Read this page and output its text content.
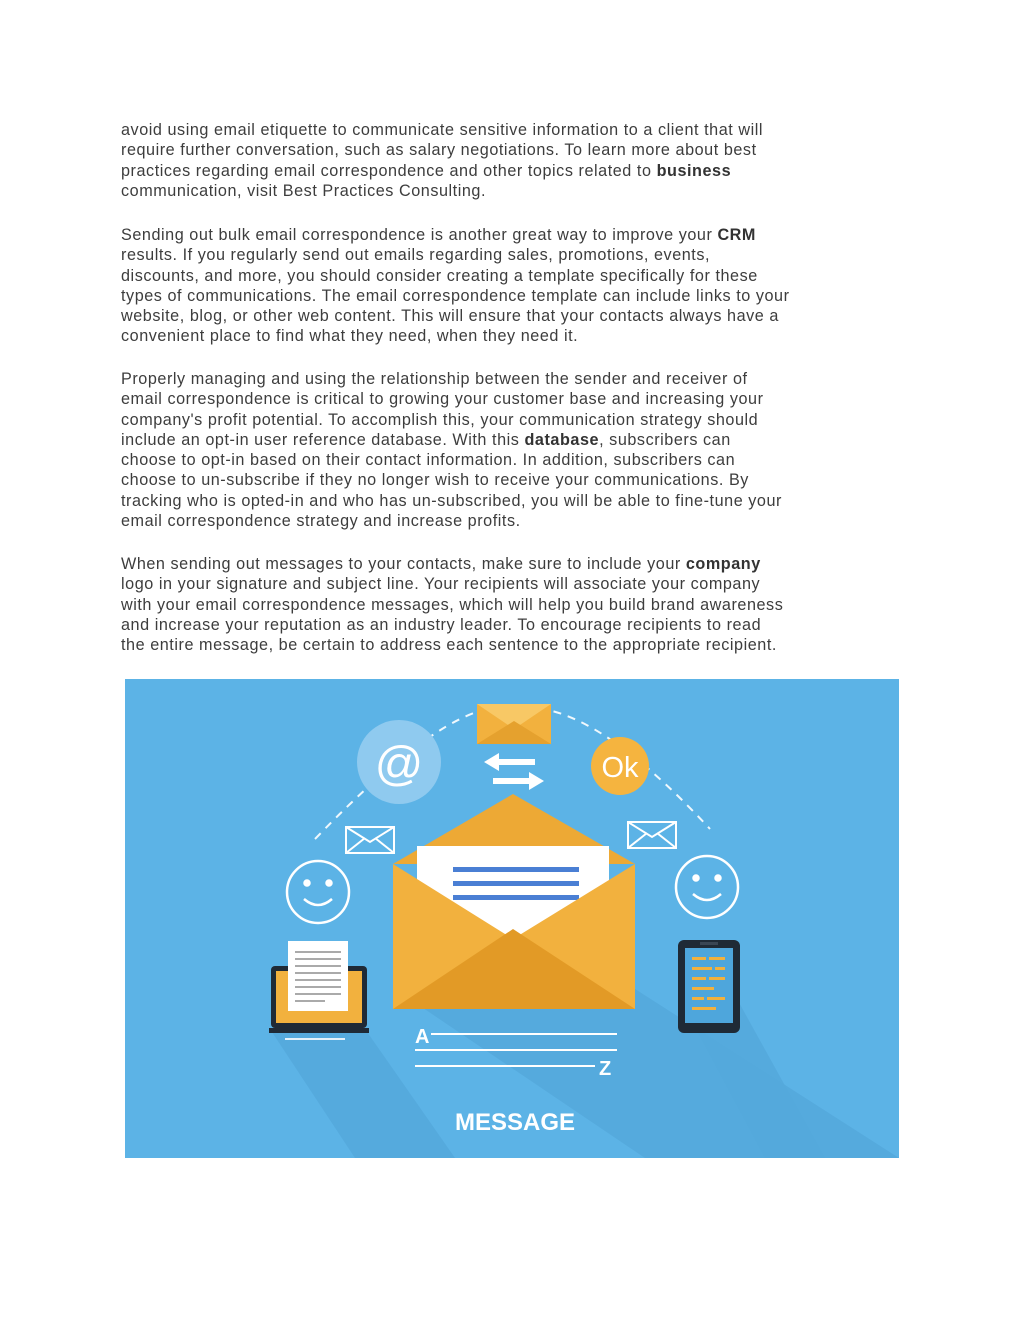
avoid using email etiquette to communicate sensitive information to a client that will

require further conversation, such as salary negotiations. To learn more about best

practices regarding email correspondence and other topics related to business

communication, visit Best Practices Consulting.

Sending out bulk email correspondence is another great way to improve your CRM

results. If you regularly send out emails regarding sales, promotions, events,

discounts, and more, you should consider creating a template specifically for these

types of communications. The email correspondence template can include links to your

website, blog, or other web content. This will ensure that your contacts always have a

convenient place to find what they need, when they need it.

Properly managing and using the relationship between the sender and receiver of

email correspondence is critical to growing your customer base and increasing your

company's profit potential. To accomplish this, your communication strategy should

include an opt-in user reference database. With this database, subscribers can

choose to opt-in based on their contact information. In addition, subscribers can

choose to un-subscribe if they no longer wish to receive your communications. By

tracking who is opted-in and who has un-subscribed, you will be able to fine-tune your

email correspondence strategy and increase profits.

When sending out messages to your contacts, make sure to include your company

logo in your signature and subject line. Your recipients will associate your company

with your email correspondence messages, which will help you build brand awareness

and increase your reputation as an industry leader. To encourage recipients to read

the entire message, be certain to address each sentence to the appropriate recipient.

@	Ok
A
Z
MESSAGE
